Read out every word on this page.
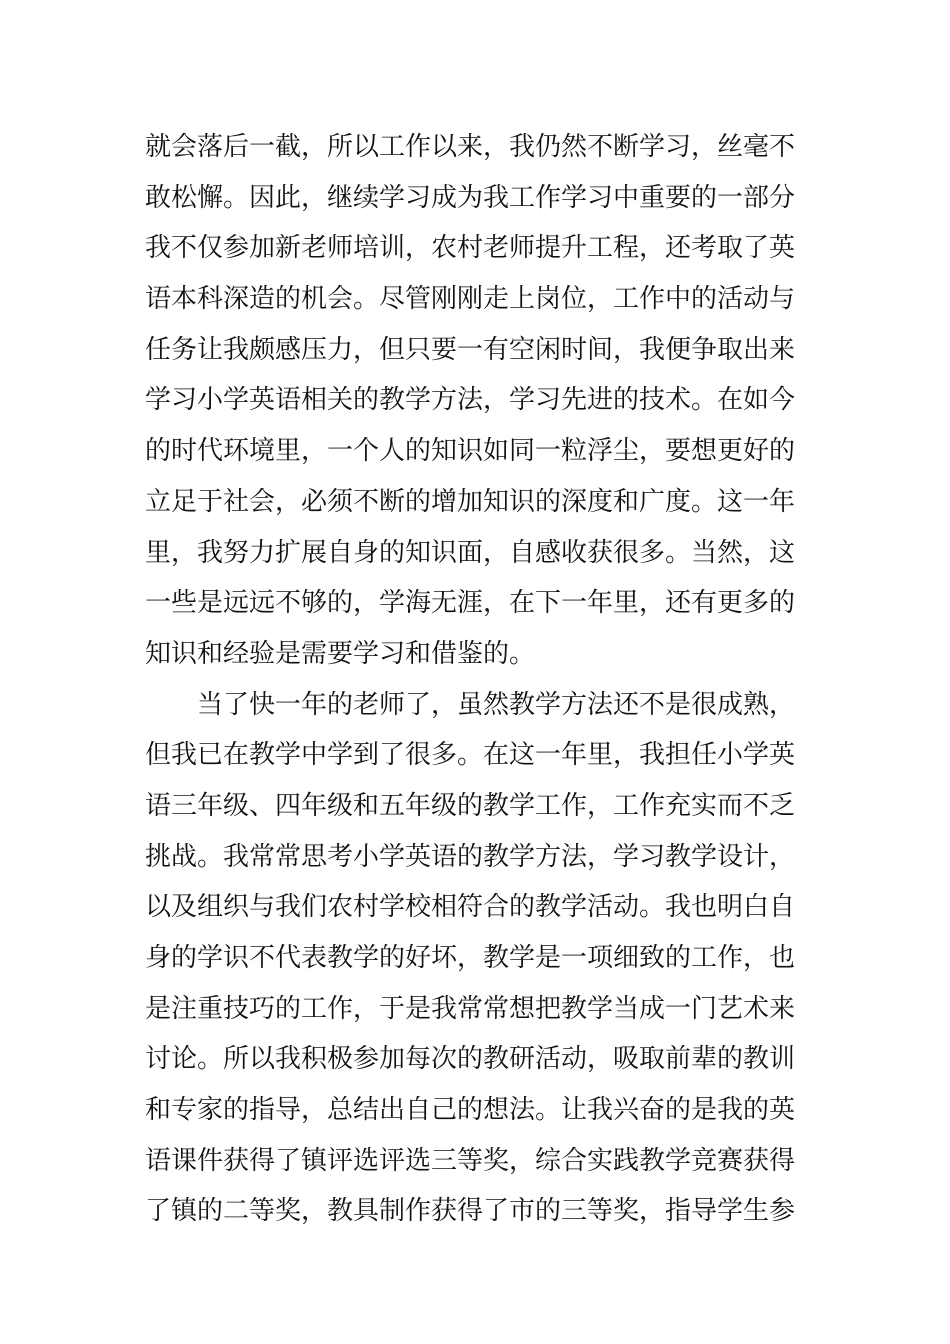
就会落后一截，所以工作以来，我仍然不断学习，丝毫不
敢松懈。因此，继续学习成为我工作学习中重要的一部分
我不仅参加新老师培训，农村老师提升工程，还考取了英
语本科深造的机会。尽管刚刚走上岗位，工作中的活动与
任务让我颇感压力，但只要一有空闲时间，我便争取出来
学习小学英语相关的教学方法，学习先进的技术。在如今
的时代环境里，一个人的知识如同一粒浮尘，要想更好的
立足于社会，必须不断的增加知识的深度和广度。这一年
里，我努力扩展自身的知识面，自感收获很多。当然，这
一些是远远不够的，学海无涯，在下一年里，还有更多的
知识和经验是需要学习和借鉴的。
当了快一年的老师了，虽然教学方法还不是很成熟，
但我已在教学中学到了很多。在这一年里，我担任小学英
语三年级、四年级和五年级的教学工作，工作充实而不乏
挑战。我常常思考小学英语的教学方法，学习教学设计，
以及组织与我们农村学校相符合的教学活动。我也明白自
身的学识不代表教学的好坏，教学是一项细致的工作，也
是注重技巧的工作，于是我常常想把教学当成一门艺术来
讨论。所以我积极参加每次的教研活动，吸取前辈的教训
和专家的指导，总结出自己的想法。让我兴奋的是我的英
语课件获得了镇评选评选三等奖，综合实践教学竞赛获得
了镇的二等奖，教具制作获得了市的三等奖，指导学生参
